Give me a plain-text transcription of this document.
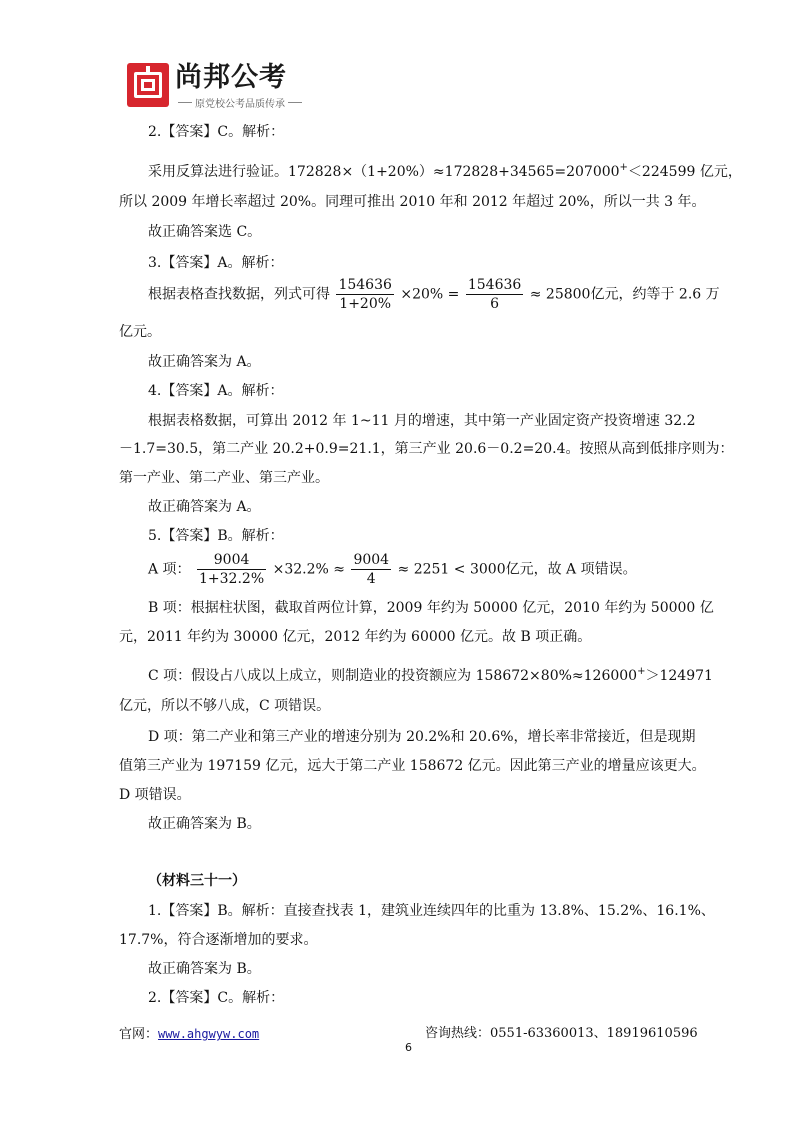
尚邦公考
原党校公考品质传承
2.【答案】C。解析：
采用反算法进行验证。172828×（1+20%）≈172828+34565=207000+＜224599 亿元，
所以 2009 年增长率超过 20%。同理可推出 2010 年和 2012 年超过 20%，所以一共 3 年。
故正确答案选 C。
3.【答案】A。解析：
根据表格查找数据，列式可得 $\frac{154636}{1+20\%} \times 20\% = \frac{154636}{6} \approx 25800$亿元，约等于 2.6 万
亿元。
故正确答案为 A。
4.【答案】A。解析：
根据表格数据，可算出 2012 年 1~11 月的增速，其中第一产业固定资产投资增速 32.2
－1.7=30.5，第二产业 20.2+0.9=21.1，第三产业 20.6－0.2=20.4。按照从高到低排序则为：
第一产业、第二产业、第三产业。
故正确答案为 A。
5.【答案】B。解析：
A 项： $\frac{9004}{1+32.2\%} \times 32.2\% \approx \frac{9004}{4} \approx 2251 < 3000$亿元，故 A 项错误。
B 项：根据柱状图，截取首两位计算，2009 年约为 50000 亿元，2010 年约为 50000 亿
元，2011 年约为 30000 亿元，2012 年约为 60000 亿元。故 B 项正确。
C 项：假设占八成以上成立，则制造业的投资额应为 158672×80%≈126000+＞124971
亿元，所以不够八成，C 项错误。
D 项：第二产业和第三产业的增速分别为 20.2%和 20.6%，增长率非常接近，但是现期
值第三产业为 197159 亿元，远大于第二产业 158672 亿元。因此第三产业的增量应该更大。
D 项错误。
故正确答案为 B。
（材料三十一）
1.【答案】B。解析：直接查找表 1，建筑业连续四年的比重为 13.8%、15.2%、16.1%、
17.7%，符合逐渐增加的要求。
故正确答案为 B。
2.【答案】C。解析：
官网：www.ahgwyw.com	咨询热线：0551-63360013、18919610596
6
